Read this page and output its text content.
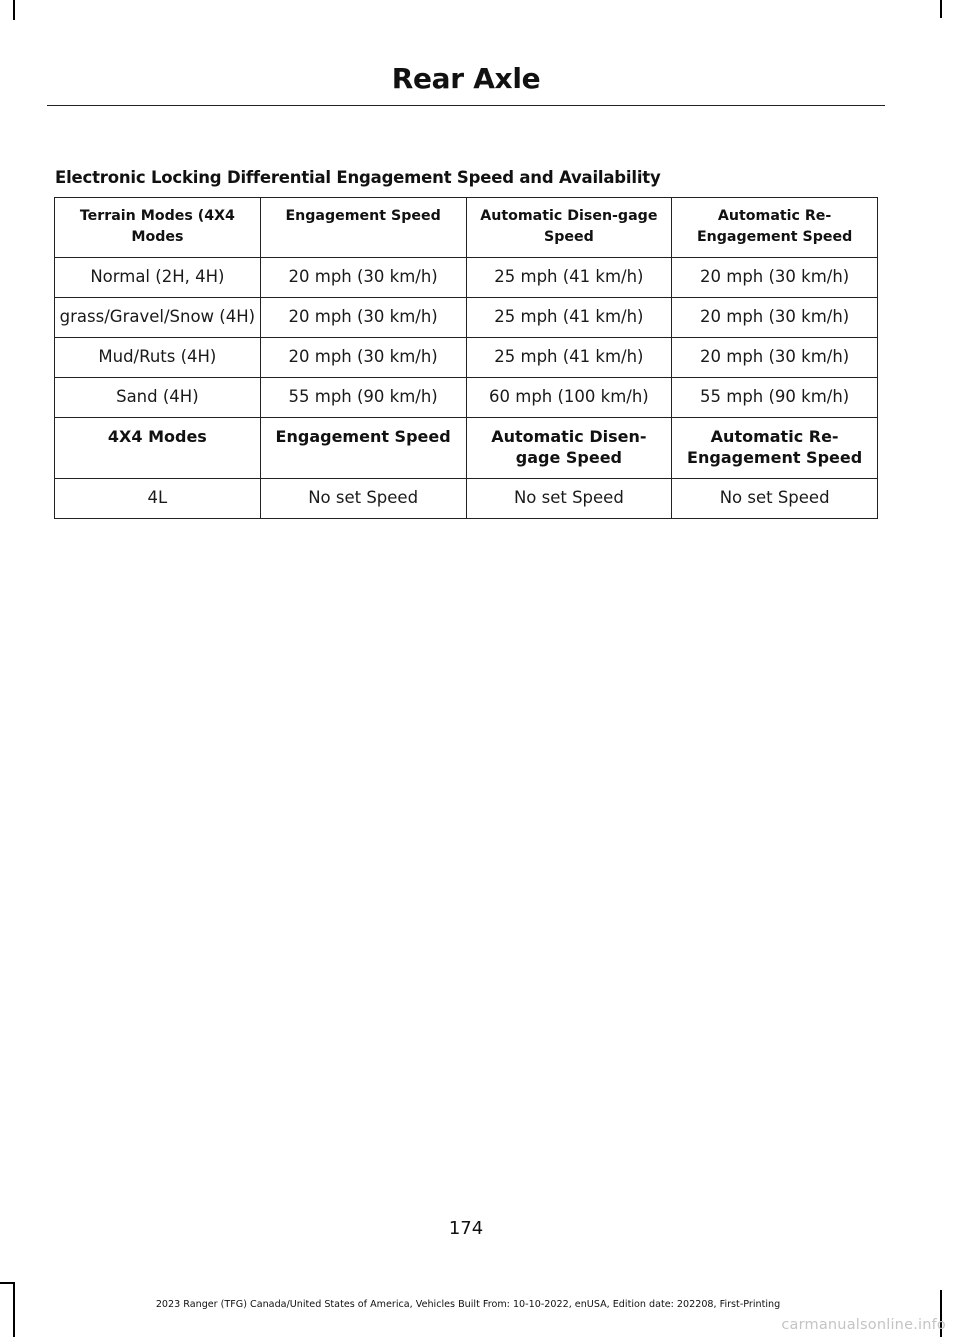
Rear Axle
Electronic Locking Differential Engagement Speed and Availability
Terrain Modes (4X4 Modes	Engagement Speed	Automatic Disen-gage Speed	Automatic Re-Engagement Speed
Normal (2H, 4H)	20 mph (30 km/h)	25 mph (41 km/h)	20 mph (30 km/h)
grass/Gravel/Snow (4H)	20 mph (30 km/h)	25 mph (41 km/h)	20 mph (30 km/h)
Mud/Ruts (4H)	20 mph (30 km/h)	25 mph (41 km/h)	20 mph (30 km/h)
Sand (4H)	55 mph (90 km/h)	60 mph (100 km/h)	55 mph (90 km/h)
4X4 Modes	Engagement Speed	Automatic Disen-gage Speed	Automatic Re-Engagement Speed
4L	No set Speed	No set Speed	No set Speed
174
2023 Ranger (TFG) Canada/United States of America, Vehicles Built From: 10-10-2022, enUSA, Edition date: 202208, First-Printing
carmanualsonline.info
